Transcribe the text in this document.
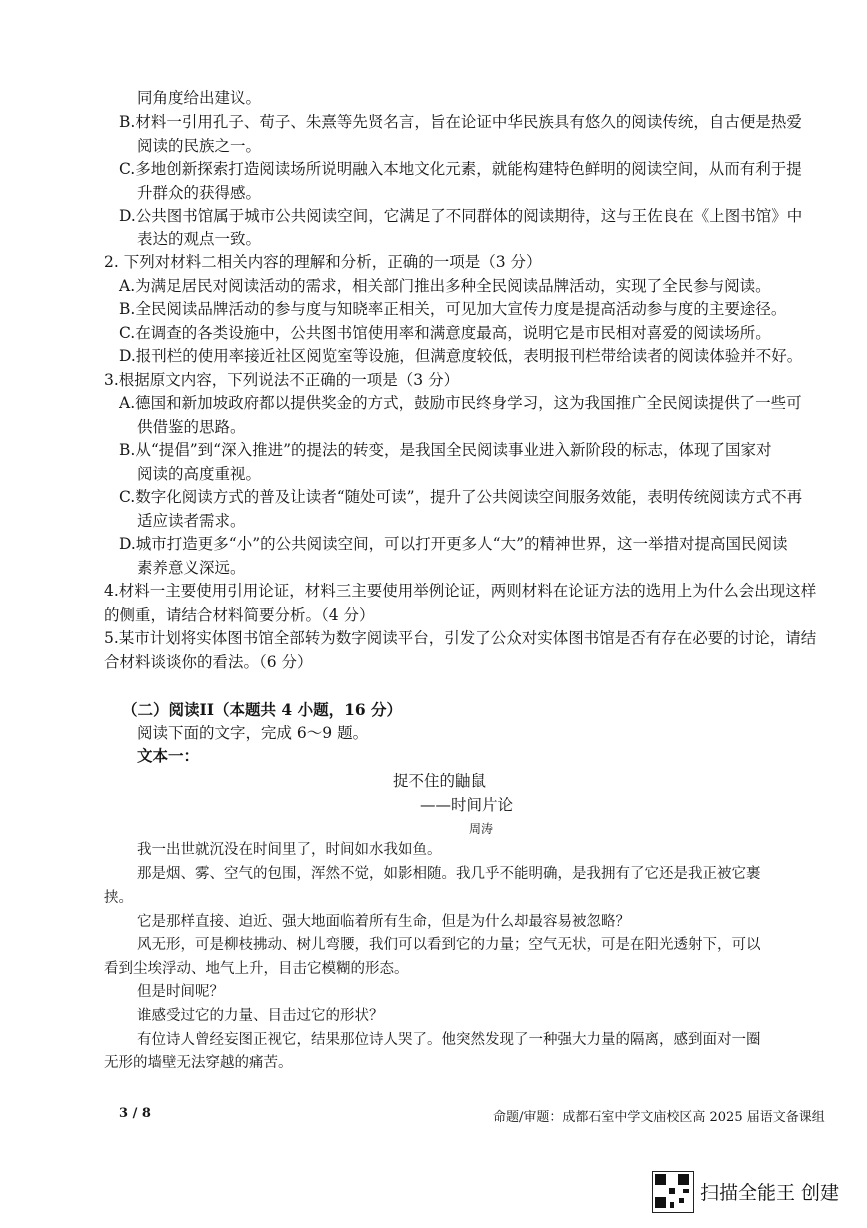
同角度给出建议。
B.材料一引用孔子、荀子、朱熹等先贤名言，旨在论证中华民族具有悠久的阅读传统，自古便是热爱
阅读的民族之一。
C.多地创新探索打造阅读场所说明融入本地文化元素，就能构建特色鲜明的阅读空间，从而有利于提
升群众的获得感。
D.公共图书馆属于城市公共阅读空间，它满足了不同群体的阅读期待，这与王佐良在《上图书馆》中
表达的观点一致。
2. 下列对材料二相关内容的理解和分析，正确的一项是（3 分）
A.为满足居民对阅读活动的需求，相关部门推出多种全民阅读品牌活动，实现了全民参与阅读。
B.全民阅读品牌活动的参与度与知晓率正相关，可见加大宣传力度是提高活动参与度的主要途径。
C.在调查的各类设施中，公共图书馆使用率和满意度最高，说明它是市民相对喜爱的阅读场所。
D.报刊栏的使用率接近社区阅览室等设施，但满意度较低，表明报刊栏带给读者的阅读体验并不好。
3.根据原文内容，下列说法不正确的一项是（3 分）
A.德国和新加坡政府都以提供奖金的方式，鼓励市民终身学习，这为我国推广全民阅读提供了一些可
供借鉴的思路。
B.从“提倡”到“深入推进”的提法的转变，是我国全民阅读事业进入新阶段的标志，体现了国家对
阅读的高度重视。
C.数字化阅读方式的普及让读者“随处可读”，提升了公共阅读空间服务效能，表明传统阅读方式不再
适应读者需求。
D.城市打造更多“小”的公共阅读空间，可以打开更多人“大”的精神世界，这一举措对提高国民阅读
素养意义深远。
4.材料一主要使用引用论证，材料三主要使用举例论证，两则材料在论证方法的选用上为什么会出现这样
的侧重，请结合材料简要分析。（4 分）
5.某市计划将实体图书馆全部转为数字阅读平台，引发了公众对实体图书馆是否有存在必要的讨论，请结
合材料谈谈你的看法。（6 分）
（二）阅读II（本题共 4 小题，16 分）
阅读下面的文字，完成 6～9 题。
文本一：
捉不住的鼬鼠
——时间片论
周涛
我一出世就沉没在时间里了，时间如水我如鱼。
那是烟、雾、空气的包围，浑然不觉，如影相随。我几乎不能明确，是我拥有了它还是我正被它裹
挟。
它是那样直接、迫近、强大地面临着所有生命，但是为什么却最容易被忽略？
风无形，可是柳枝拂动、树儿弯腰，我们可以看到它的力量；空气无状，可是在阳光透射下，可以
看到尘埃浮动、地气上升，目击它模糊的形态。
但是时间呢？
谁感受过它的力量、目击过它的形状？
有位诗人曾经妄图正视它，结果那位诗人哭了。他突然发现了一种强大力量的隔离，感到面对一圈
无形的墙壁无法穿越的痛苦。
3 / 8	命题/审题：成都石室中学文庙校区高 2025 届语文备课组
扫描全能王 创建
